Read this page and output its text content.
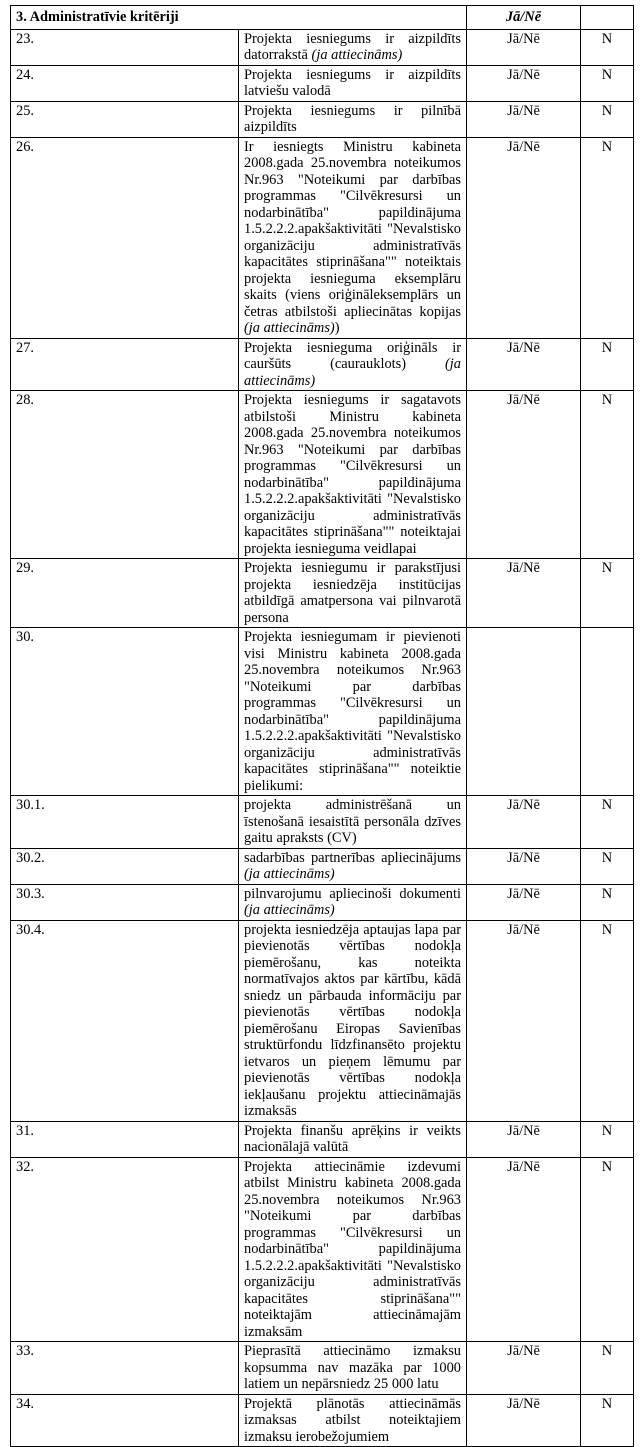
3. Administratīvie kritēriji		Jā/Nē	
23.	Projekta iesniegums ir aizpildīts datorrakstā (ja attiecināms)	Jā/Nē	N
24.	Projekta iesniegums ir aizpildīts latviešu valodā	Jā/Nē	N
25.	Projekta iesniegums ir pilnībā aizpildīts	Jā/Nē	N
26.	Ir iesniegts Ministru kabineta 2008.gada 25.novembra noteikumos Nr.963 "Noteikumi par darbības programmas "Cilvēkresursi un nodarbinātība" papildinājuma 1.5.2.2.2.apakšaktivitāti "Nevalstisko organizāciju administratīvās kapacitātes stiprināšana"" noteiktais projekta iesnieguma eksemplāru skaits (viens oriģināleksemplārs un četras atbilstoši apliecinātas kopijas (ja attiecināms))	Jā/Nē	N
27.	Projekta iesnieguma oriģināls ir cauršūts (caurauklots) (ja attiecināms)	Jā/Nē	N
28.	Projekta iesniegums ir sagatavots atbilstoši Ministru kabineta 2008.gada 25.novembra noteikumos Nr.963 "Noteikumi par darbības programmas "Cilvēkresursi un nodarbinātība" papildinājuma 1.5.2.2.2.apakšaktivitāti "Nevalstisko organizāciju administratīvās kapacitātes stiprināšana"" noteiktajai projekta iesnieguma veidlapai	Jā/Nē	N
29.	Projekta iesniegumu ir parakstījusi projekta iesniedzēja institūcijas atbildīgā amatpersona vai pilnvarotā persona	Jā/Nē	N
30.	Projekta iesniegumam ir pievienoti visi Ministru kabineta 2008.gada 25.novembra noteikumos Nr.963 "Noteikumi par darbības programmas "Cilvēkresursi un nodarbinātība" papildinājuma 1.5.2.2.2.apakšaktivitāti "Nevalstisko organizāciju administratīvās kapacitātes stiprināšana"" noteiktie pielikumi:		
30.1.	projekta administrēšanā un īstenošanā iesaistītā personāla dzīves gaitu apraksts (CV)	Jā/Nē	N
30.2.	sadarbības partnerības apliecinājums (ja attiecināms)	Jā/Nē	N
30.3.	pilnvarojumu apliecinoši dokumenti (ja attiecināms)	Jā/Nē	N
30.4.	projekta iesniedzēja aptaujas lapa par pievienotās vērtības nodokļa piemērošanu, kas noteikta normatīvajos aktos par kārtību, kādā sniedz un pārbauda informāciju par pievienotās vērtības nodokļa piemērošanu Eiropas Savienības struktūrfondu līdzfinansēto projektu ietvaros un pieņem lēmumu par pievienotās vērtības nodokļa iekļaušanu projektu attiecināmajās izmaksās	Jā/Nē	N
31.	Projekta finanšu aprēķins ir veikts nacionālajā valūtā	Jā/Nē	N
32.	Projekta attiecināmie izdevumi atbilst Ministru kabineta 2008.gada 25.novembra noteikumos Nr.963 "Noteikumi par darbības programmas "Cilvēkresursi un nodarbinātība" papildinājuma 1.5.2.2.2.apakšaktivitāti "Nevalstisko organizāciju administratīvās kapacitātes stiprināšana"" noteiktajām attiecināmajām izmaksām	Jā/Nē	N
33.	Pieprasītā attiecināmo izmaksu kopsumma nav mazāka par 1000 latiem un nepārsniedz 25 000 latu	Jā/Nē	N
34.	Projektā plānotās attiecināmās izmaksas atbilst noteiktajiem izmaksu ierobežojumiem	Jā/Nē	N
